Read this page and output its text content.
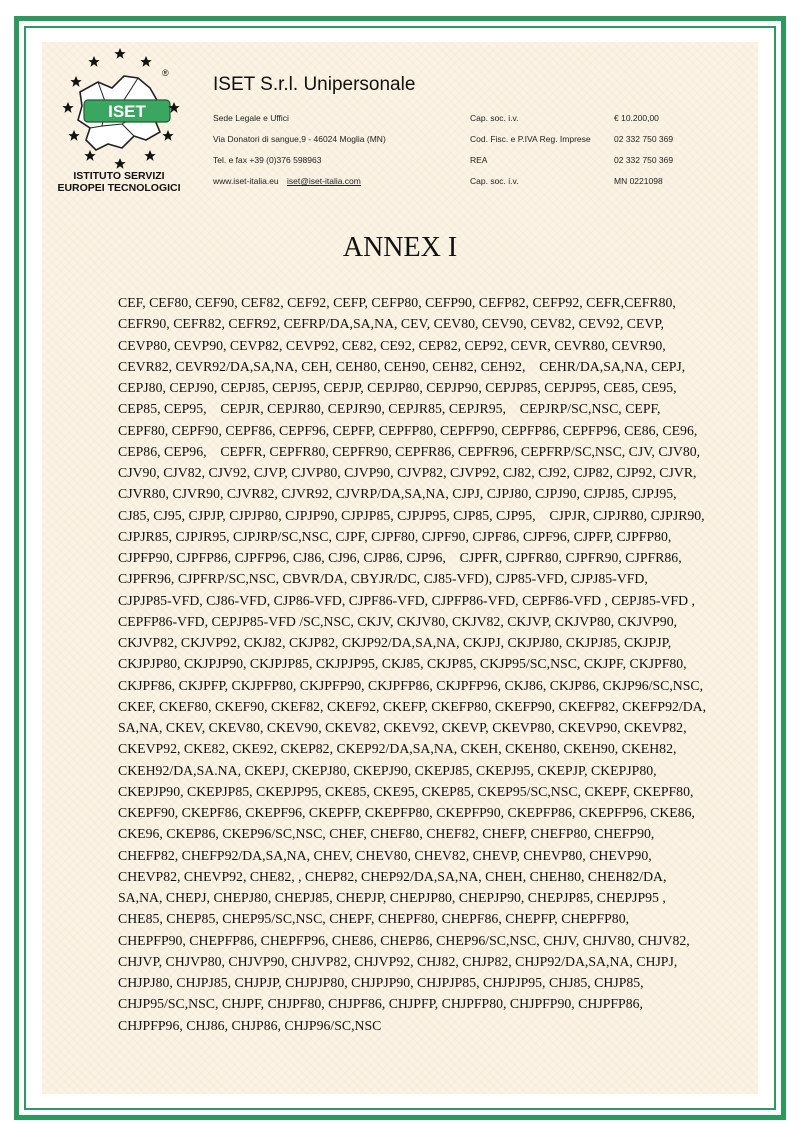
ISET
®
ISTITUTO SERVIZI
EUROPEI TECNOLOGICI
ISET S.r.l. Unipersonale
Sede Legale e Uffici
Via Donatori di sangue,9 - 46024 Moglia (MN)
Tel. e fax +39 (0)376 598963
www.iset-italia.eu iset@iset-italia.com
Cap. soc. i.v.
Cod. Fisc. e P.IVA Reg. Imprese
REA
Cap. soc. i.v.
€ 10.200,00
02 332 750 369
02 332 750 369
MN 0221098
ANNEX I
CEF, CEF80, CEF90, CEF82, CEF92, CEFP, CEFP80, CEFP90, CEFP82, CEFP92, CEFR,CEFR80,
CEFR90, CEFR82, CEFR92, CEFRP/DA,SA,NA, CEV, CEV80, CEV90, CEV82, CEV92, CEVP,
CEVP80, CEVP90, CEVP82, CEVP92, CE82, CE92, CEP82, CEP92, CEVR, CEVR80, CEVR90,
CEVR82, CEVR92/DA,SA,NA, CEH, CEH80, CEH90, CEH82, CEH92,    CEHR/DA,SA,NA, CEPJ,
CEPJ80, CEPJ90, CEPJ85, CEPJ95, CEPJP, CEPJP80, CEPJP90, CEPJP85, CEPJP95, CE85, CE95,
CEP85, CEP95,    CEPJR, CEPJR80, CEPJR90, CEPJR85, CEPJR95,    CEPJRP/SC,NSC, CEPF,
CEPF80, CEPF90, CEPF86, CEPF96, CEPFP, CEPFP80, CEPFP90, CEPFP86, CEPFP96, CE86, CE96,
CEP86, CEP96,    CEPFR, CEPFR80, CEPFR90, CEPFR86, CEPFR96, CEPFRP/SC,NSC, CJV, CJV80,
CJV90, CJV82, CJV92, CJVP, CJVP80, CJVP90, CJVP82, CJVP92, CJ82, CJ92, CJP82, CJP92, CJVR,
CJVR80, CJVR90, CJVR82, CJVR92, CJVRP/DA,SA,NA, CJPJ, CJPJ80, CJPJ90, CJPJ85, CJPJ95,
CJ85, CJ95, CJPJP, CJPJP80, CJPJP90, CJPJP85, CJPJP95, CJP85, CJP95,    CJPJR, CJPJR80, CJPJR90,
CJPJR85, CJPJR95, CJPJRP/SC,NSC, CJPF, CJPF80, CJPF90, CJPF86, CJPF96, CJPFP, CJPFP80,
CJPFP90, CJPFP86, CJPFP96, CJ86, CJ96, CJP86, CJP96,    CJPFR, CJPFR80, CJPFR90, CJPFR86,
CJPFR96, CJPFRP/SC,NSC, CBVR/DA, CBYJR/DC, CJ85-VFD), CJP85-VFD, CJPJ85-VFD,
CJPJP85-VFD, CJ86-VFD, CJP86-VFD, CJPF86-VFD, CJPFP86-VFD, CEPF86-VFD , CEPJ85-VFD ,
CEPFP86-VFD, CEPJP85-VFD /SC,NSC, CKJV, CKJV80, CKJV82, CKJVP, CKJVP80, CKJVP90,
CKJVP82, CKJVP92, CKJ82, CKJP82, CKJP92/DA,SA,NA, CKJPJ, CKJPJ80, CKJPJ85, CKJPJP,
CKJPJP80, CKJPJP90, CKJPJP85, CKJPJP95, CKJ85, CKJP85, CKJP95/SC,NSC, CKJPF, CKJPF80,
CKJPF86, CKJPFP, CKJPFP80, CKJPFP90, CKJPFP86, CKJPFP96, CKJ86, CKJP86, CKJP96/SC,NSC,
CKEF, CKEF80, CKEF90, CKEF82, CKEF92, CKEFP, CKEFP80, CKEFP90, CKEFP82, CKEFP92/DA,
SA,NA, CKEV, CKEV80, CKEV90, CKEV82, CKEV92, CKEVP, CKEVP80, CKEVP90, CKEVP82,
CKEVP92, CKE82, CKE92, CKEP82, CKEP92/DA,SA,NA, CKEH, CKEH80, CKEH90, CKEH82,
CKEH92/DA,SA.NA, CKEPJ, CKEPJ80, CKEPJ90, CKEPJ85, CKEPJ95, CKEPJP, CKEPJP80,
CKEPJP90, CKEPJP85, CKEPJP95, CKE85, CKE95, CKEP85, CKEP95/SC,NSC, CKEPF, CKEPF80,
CKEPF90, CKEPF86, CKEPF96, CKEPFP, CKEPFP80, CKEPFP90, CKEPFP86, CKEPFP96, CKE86,
CKE96, CKEP86, CKEP96/SC,NSC, CHEF, CHEF80, CHEF82, CHEFP, CHEFP80, CHEFP90,
CHEFP82, CHEFP92/DA,SA,NA, CHEV, CHEV80, CHEV82, CHEVP, CHEVP80, CHEVP90,
CHEVP82, CHEVP92, CHE82, , CHEP82, CHEP92/DA,SA,NA, CHEH, CHEH80, CHEH82/DA,
SA,NA, CHEPJ, CHEPJ80, CHEPJ85, CHEPJP, CHEPJP80, CHEPJP90, CHEPJP85, CHEPJP95 ,
CHE85, CHEP85, CHEP95/SC,NSC, CHEPF, CHEPF80, CHEPF86, CHEPFP, CHEPFP80,
CHEPFP90, CHEPFP86, CHEPFP96, CHE86, CHEP86, CHEP96/SC,NSC, CHJV, CHJV80, CHJV82,
CHJVP, CHJVP80, CHJVP90, CHJVP82, CHJVP92, CHJ82, CHJP82, CHJP92/DA,SA,NA, CHJPJ,
CHJPJ80, CHJPJ85, CHJPJP, CHJPJP80, CHJPJP90, CHJPJP85, CHJPJP95, CHJ85, CHJP85,
CHJP95/SC,NSC, CHJPF, CHJPF80, CHJPF86, CHJPFP, CHJPFP80, CHJPFP90, CHJPFP86,
CHJPFP96, CHJ86, CHJP86, CHJP96/SC,NSC
